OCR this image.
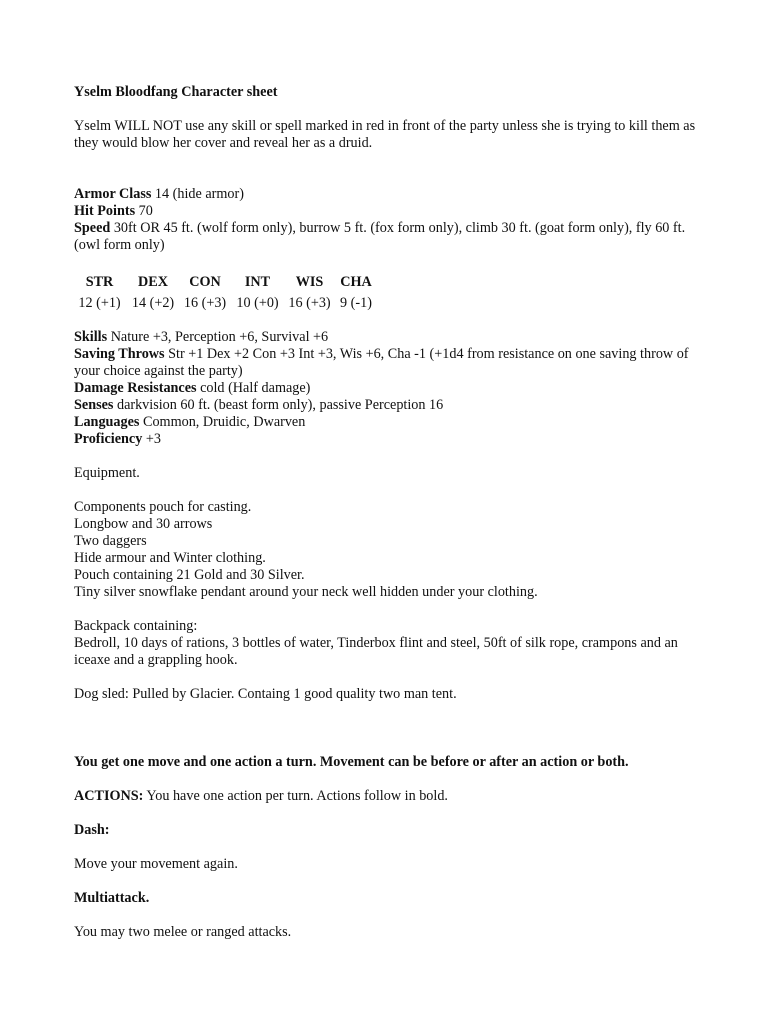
Yselm Bloodfang Character sheet

Yselm WILL NOT use any skill or spell marked in red in front of the party unless she is trying to kill them as they would blow her cover and reveal her as a druid.

Armor Class 14 (hide armor)

Hit Points 70

Speed 30ft OR 45 ft. (wolf form only), burrow 5 ft. (fox form only), climb 30 ft. (goat form only), fly 60 ft. (owl form only)

STR	DEX	CON	INT	WIS	CHA
12 (+1)	14 (+2)	16 (+3)	10 (+0)	16 (+3)	9 (-1)

Skills Nature +3, Perception +6, Survival +6

Saving Throws Str +1 Dex +2 Con +3 Int +3, Wis +6, Cha -1 (+1d4 from resistance on one saving throw of your choice against the party)

Damage Resistances cold (Half damage)

Senses darkvision 60 ft. (beast form only), passive Perception 16

Languages Common, Druidic, Dwarven

Proficiency +3

Equipment.

Components pouch for casting.

Longbow and 30 arrows

Two daggers

Hide armour and Winter clothing.

Pouch containing 21 Gold and 30 Silver.

Tiny silver snowflake pendant around your neck well hidden under your clothing.

Backpack containing:

Bedroll, 10 days of rations, 3 bottles of water, Tinderbox flint and steel, 50ft of silk rope, crampons and an iceaxe and a grappling hook.

Dog sled: Pulled by Glacier. Containg 1 good quality two man tent.

You get one move and one action a turn. Movement can be before or after an action or both.

ACTIONS: You have one action per turn. Actions follow in bold.

Dash:

Move your movement again.

Multiattack.

You may two melee or ranged attacks.
